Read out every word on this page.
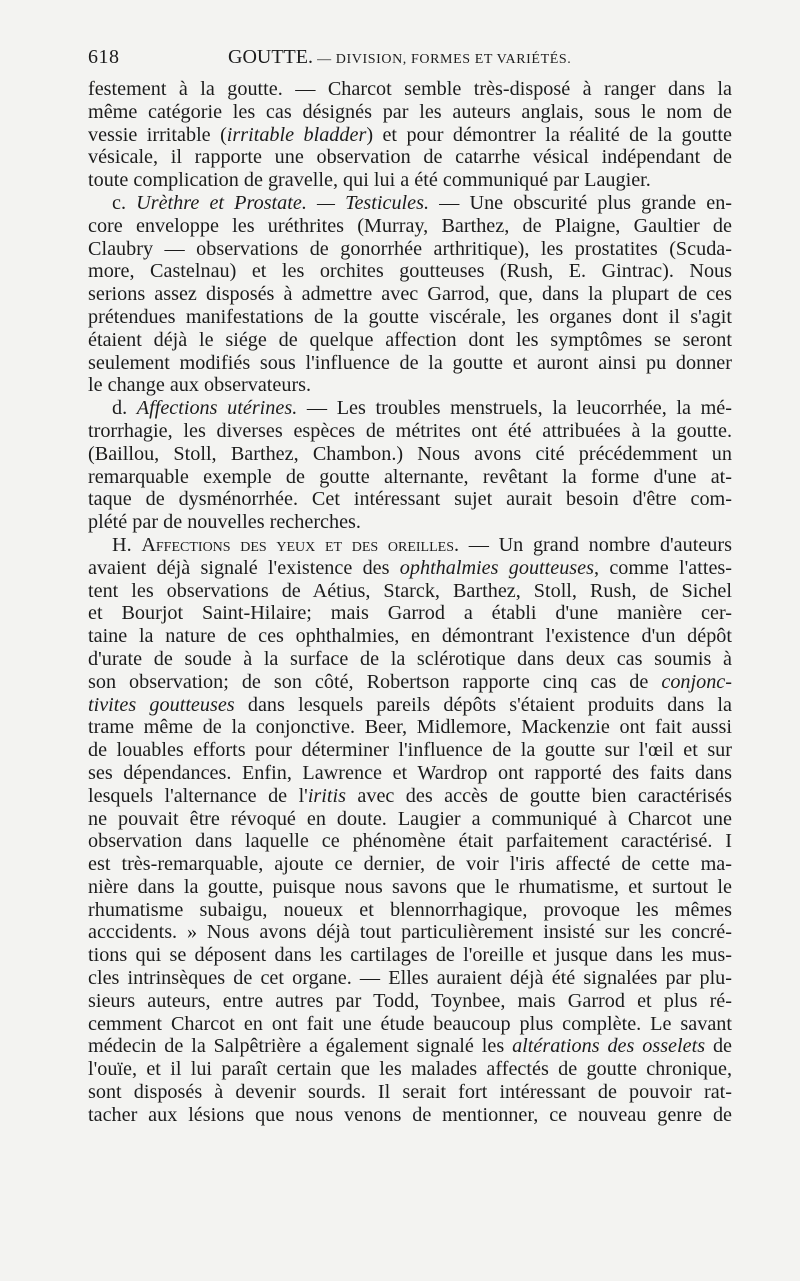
618	GOUTTE. — DIVISION, FORMES ET VARIÉTÉS.
festement à la goutte. — Charcot semble très-disposé à ranger dans la
même catégorie les cas désignés par les auteurs anglais, sous le nom de
vessie irritable (irritable bladder) et pour démontrer la réalité de la goutte
vésicale, il rapporte une observation de catarrhe vésical indépendant de
toute complication de gravelle, qui lui a été communiqué par Laugier.
c. Urèthre et Prostate. — Testicules. — Une obscurité plus grande en-
core enveloppe les uréthrites (Murray, Barthez, de Plaigne, Gaultier de
Claubry — observations de gonorrhée arthritique), les prostatites (Scuda-
more, Castelnau) et les orchites goutteuses (Rush, E. Gintrac). Nous
serions assez disposés à admettre avec Garrod, que, dans la plupart de ces
prétendues manifestations de la goutte viscérale, les organes dont il s'agit
étaient déjà le siége de quelque affection dont les symptômes se seront
seulement modifiés sous l'influence de la goutte et auront ainsi pu donner
le change aux observateurs.
d. Affections utérines. — Les troubles menstruels, la leucorrhée, la mé-
trorrhagie, les diverses espèces de métrites ont été attribuées à la goutte.
(Baillou, Stoll, Barthez, Chambon.) Nous avons cité précédemment un
remarquable exemple de goutte alternante, revêtant la forme d'une at-
taque de dysménorrhée. Cet intéressant sujet aurait besoin d'être com-
plété par de nouvelles recherches.
H. Affections des yeux et des oreilles. — Un grand nombre d'auteurs
avaient déjà signalé l'existence des ophthalmies goutteuses, comme l'attes-
tent les observations de Aétius, Starck, Barthez, Stoll, Rush, de Sichel
et Bourjot Saint-Hilaire; mais Garrod a établi d'une manière cer-
taine la nature de ces ophthalmies, en démontrant l'existence d'un dépôt
d'urate de soude à la surface de la sclérotique dans deux cas soumis à
son observation; de son côté, Robertson rapporte cinq cas de conjonc-
tivites goutteuses dans lesquels pareils dépôts s'étaient produits dans la
trame même de la conjonctive. Beer, Midlemore, Mackenzie ont fait aussi
de louables efforts pour déterminer l'influence de la goutte sur l'œil et sur
ses dépendances. Enfin, Lawrence et Wardrop ont rapporté des faits dans
lesquels l'alternance de l'iritis avec des accès de goutte bien caractérisés
ne pouvait être révoqué en doute. Laugier a communiqué à Charcot une
observation dans laquelle ce phénomène était parfaitement caractérisé. I
est très-remarquable, ajoute ce dernier, de voir l'iris affecté de cette ma-
nière dans la goutte, puisque nous savons que le rhumatisme, et surtout le
rhumatisme subaigu, noueux et blennorrhagique, provoque les mêmes
acccidents. » Nous avons déjà tout particulièrement insisté sur les concré-
tions qui se déposent dans les cartilages de l'oreille et jusque dans les mus-
cles intrinsèques de cet organe. — Elles auraient déjà été signalées par plu-
sieurs auteurs, entre autres par Todd, Toynbee, mais Garrod et plus ré-
cemment Charcot en ont fait une étude beaucoup plus complète. Le savant
médecin de la Salpêtrière a également signalé les altérations des osselets de
l'ouïe, et il lui paraît certain que les malades affectés de goutte chronique,
sont disposés à devenir sourds. Il serait fort intéressant de pouvoir rat-
tacher aux lésions que nous venons de mentionner, ce nouveau genre de
